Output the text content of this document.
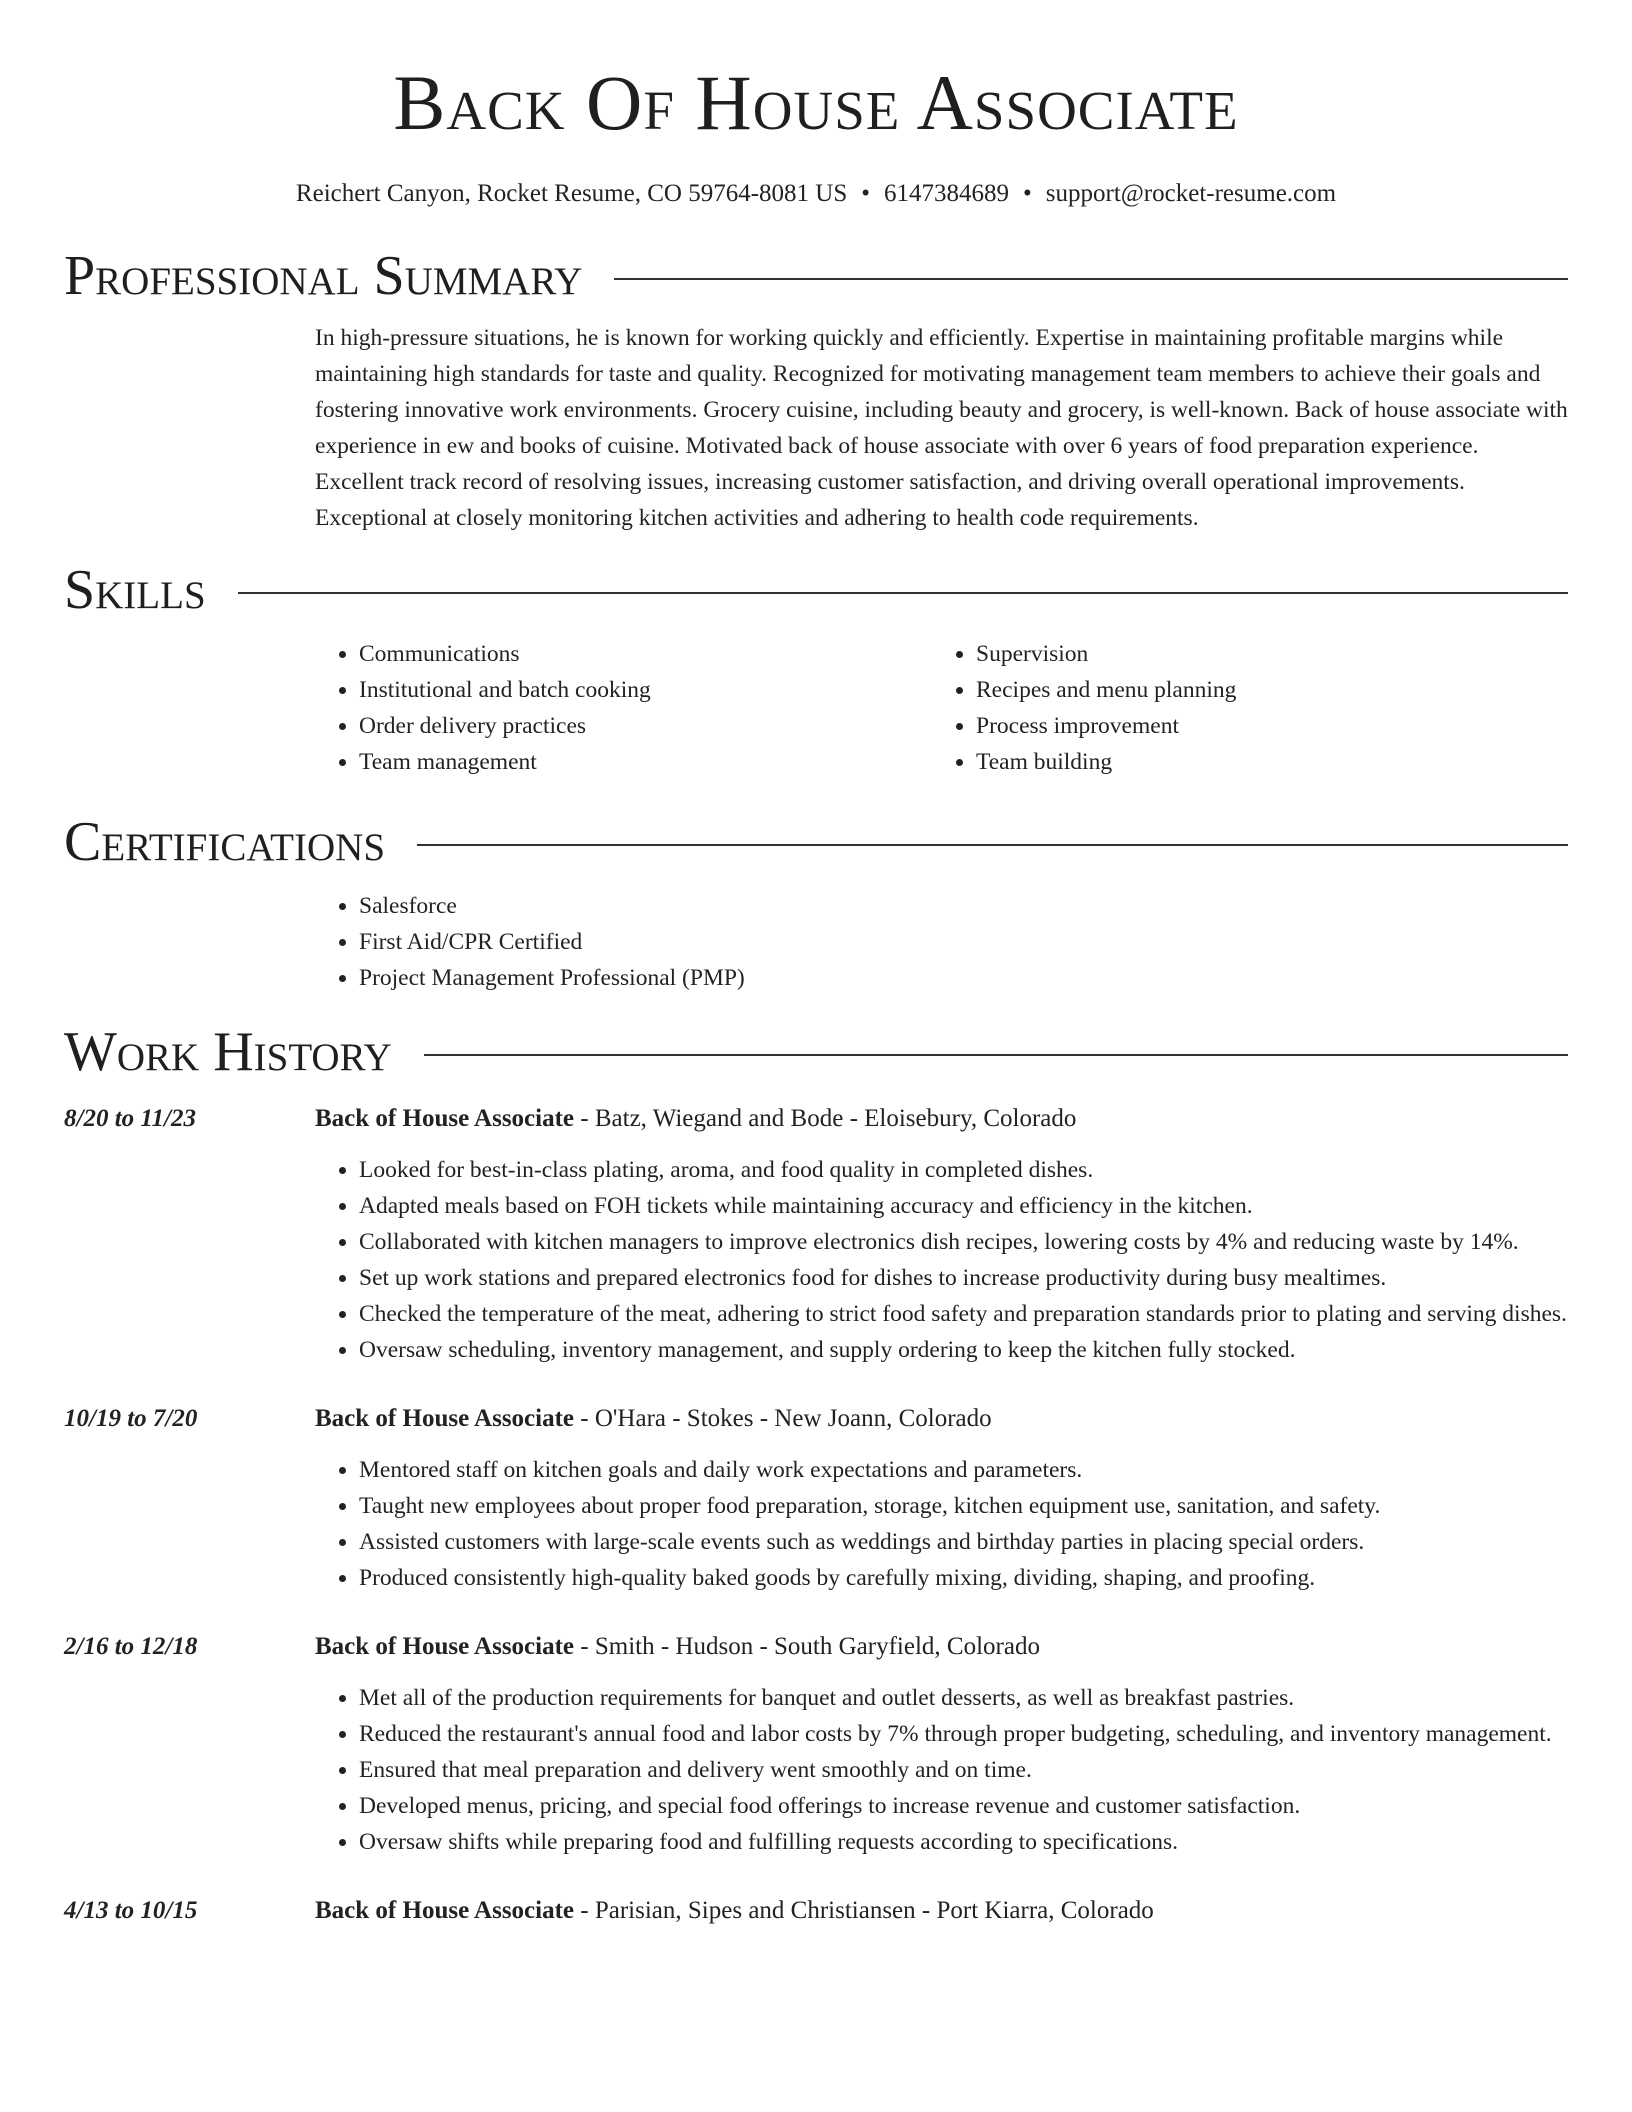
Back Of House Associate
Reichert Canyon, Rocket Resume, CO 59764-8081 US • 6147384689 • support@rocket-resume.com
Professional Summary
In high-pressure situations, he is known for working quickly and efficiently. Expertise in maintaining profitable margins while maintaining high standards for taste and quality. Recognized for motivating management team members to achieve their goals and fostering innovative work environments. Grocery cuisine, including beauty and grocery, is well-known. Back of house associate with experience in ew and books of cuisine. Motivated back of house associate with over 6 years of food preparation experience. Excellent track record of resolving issues, increasing customer satisfaction, and driving overall operational improvements. Exceptional at closely monitoring kitchen activities and adhering to health code requirements.
Skills
• Communications
• Institutional and batch cooking
• Order delivery practices
• Team management
• Supervision
• Recipes and menu planning
• Process improvement
• Team building
Certifications
• Salesforce
• First Aid/CPR Certified
• Project Management Professional (PMP)
Work History
8/20 to 11/23	Back of House Associate - Batz, Wiegand and Bode - Eloisebury, Colorado
• Looked for best-in-class plating, aroma, and food quality in completed dishes.
• Adapted meals based on FOH tickets while maintaining accuracy and efficiency in the kitchen.
• Collaborated with kitchen managers to improve electronics dish recipes, lowering costs by 4% and reducing waste by 14%.
• Set up work stations and prepared electronics food for dishes to increase productivity during busy mealtimes.
• Checked the temperature of the meat, adhering to strict food safety and preparation standards prior to plating and serving dishes.
• Oversaw scheduling, inventory management, and supply ordering to keep the kitchen fully stocked.
10/19 to 7/20	Back of House Associate - O'Hara - Stokes - New Joann, Colorado
• Mentored staff on kitchen goals and daily work expectations and parameters.
• Taught new employees about proper food preparation, storage, kitchen equipment use, sanitation, and safety.
• Assisted customers with large-scale events such as weddings and birthday parties in placing special orders.
• Produced consistently high-quality baked goods by carefully mixing, dividing, shaping, and proofing.
2/16 to 12/18	Back of House Associate - Smith - Hudson - South Garyfield, Colorado
• Met all of the production requirements for banquet and outlet desserts, as well as breakfast pastries.
• Reduced the restaurant's annual food and labor costs by 7% through proper budgeting, scheduling, and inventory management.
• Ensured that meal preparation and delivery went smoothly and on time.
• Developed menus, pricing, and special food offerings to increase revenue and customer satisfaction.
• Oversaw shifts while preparing food and fulfilling requests according to specifications.
4/13 to 10/15	Back of House Associate - Parisian, Sipes and Christiansen - Port Kiarra, Colorado
